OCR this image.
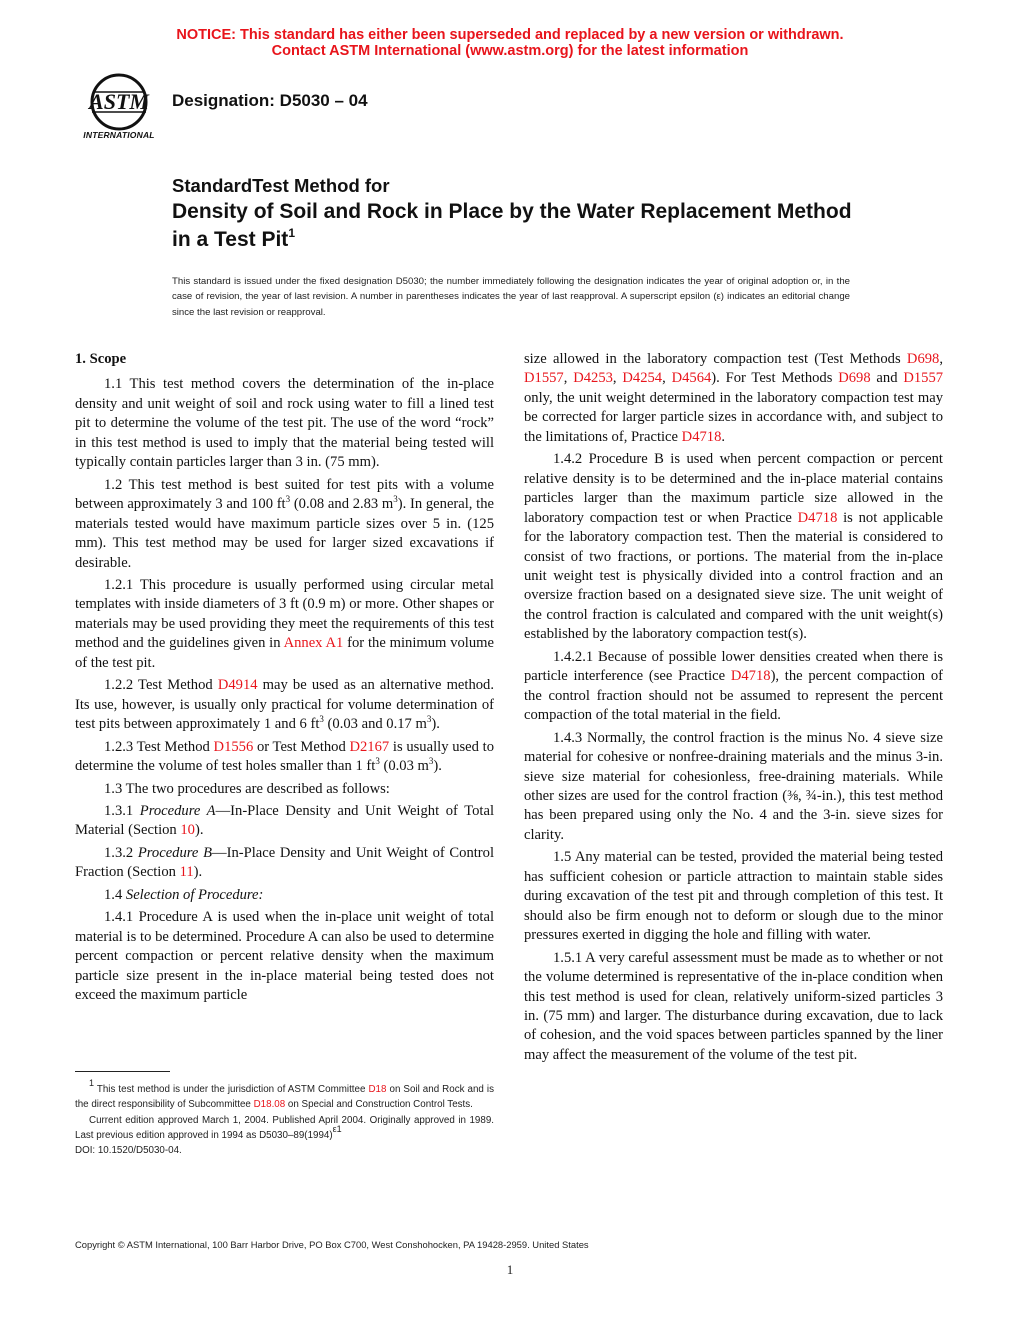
NOTICE: This standard has either been superseded and replaced by a new version or withdrawn.
Contact ASTM International (www.astm.org) for the latest information
ASTM
INTERNATIONAL
Designation: D5030 – 04
StandardTest Method for
Density of Soil and Rock in Place by the Water Replacement Method in a Test Pit$^1$
This standard is issued under the fixed designation D5030; the number immediately following the designation indicates the year of original adoption or, in the case of revision, the year of last revision. A number in parentheses indicates the year of last reapproval. A superscript epsilon (ε) indicates an editorial change since the last revision or reapproval.
1. Scope

1.1 This test method covers the determination of the in-place density and unit weight of soil and rock using water to fill a lined test pit to determine the volume of the test pit. The use of the word “rock” in this test method is used to imply that the material being tested will typically contain particles larger than 3 in. (75 mm).

1.2 This test method is best suited for test pits with a volume between approximately 3 and 100 $ft^3$ (0.08 and 2.83 $m^3$). In general, the materials tested would have maximum particle sizes over 5 in. (125 mm). This test method may be used for larger sized excavations if desirable.

1.2.1 This procedure is usually performed using circular metal templates with inside diameters of 3 ft (0.9 m) or more. Other shapes or materials may be used providing they meet the requirements of this test method and the guidelines given in Annex A1 for the minimum volume of the test pit.

1.2.2 Test Method D4914 may be used as an alternative method. Its use, however, is usually only practical for volume determination of test pits between approximately 1 and 6 $ft^3$ (0.03 and 0.17 $m^3$).

1.2.3 Test Method D1556 or Test Method D2167 is usually used to determine the volume of test holes smaller than 1 $ft^3$ (0.03 $m^3$).

1.3 The two procedures are described as follows:

1.3.1 Procedure A—In-Place Density and Unit Weight of Total Material (Section 10).

1.3.2 Procedure B—In-Place Density and Unit Weight of Control Fraction (Section 11).

1.4 Selection of Procedure:

1.4.1 Procedure A is used when the in-place unit weight of total material is to be determined. Procedure A can also be used to determine percent compaction or percent relative density when the maximum particle size present in the in-place material being tested does not exceed the maximum particle

size allowed in the laboratory compaction test (Test Methods D698, D1557, D4253, D4254, D4564). For Test Methods D698 and D1557 only, the unit weight determined in the laboratory compaction test may be corrected for larger particle sizes in accordance with, and subject to the limitations of, Practice D4718.

1.4.2 Procedure B is used when percent compaction or percent relative density is to be determined and the in-place material contains particles larger than the maximum particle size allowed in the laboratory compaction test or when Practice D4718 is not applicable for the laboratory compaction test. Then the material is considered to consist of two fractions, or portions. The material from the in-place unit weight test is physically divided into a control fraction and an oversize fraction based on a designated sieve size. The unit weight of the control fraction is calculated and compared with the unit weight(s) established by the laboratory compaction test(s).

1.4.2.1 Because of possible lower densities created when there is particle interference (see Practice D4718), the percent compaction of the control fraction should not be assumed to represent the percent compaction of the total material in the field.

1.4.3 Normally, the control fraction is the minus No. 4 sieve size material for cohesive or nonfree-draining materials and the minus 3-in. sieve size material for cohesionless, free-draining materials. While other sizes are used for the control fraction (⅜, ¾-in.), this test method has been prepared using only the No. 4 and the 3-in. sieve sizes for clarity.

1.5 Any material can be tested, provided the material being tested has sufficient cohesion or particle attraction to maintain stable sides during excavation of the test pit and through completion of this test. It should also be firm enough not to deform or slough due to the minor pressures exerted in digging the hole and filling with water.

1.5.1 A very careful assessment must be made as to whether or not the volume determined is representative of the in-place condition when this test method is used for clean, relatively uniform-sized particles 3 in. (75 mm) and larger. The disturbance during excavation, due to lack of cohesion, and the void spaces between particles spanned by the liner may affect the measurement of the volume of the test pit.

$^1$ This test method is under the jurisdiction of ASTM Committee D18 on Soil and Rock and is the direct responsibility of Subcommittee D18.08 on Special and Construction Control Tests.

Current edition approved March 1, 2004. Published April 2004. Originally approved in 1989. Last previous edition approved in 1994 as $D5030-89(1994)^{\varepsilon 1}$

DOI: 10.1520/D5030-04.

Copyright © ASTM International, 100 Barr Harbor Drive, PO Box C700, West Conshohocken, PA 19428-2959. United States
1
